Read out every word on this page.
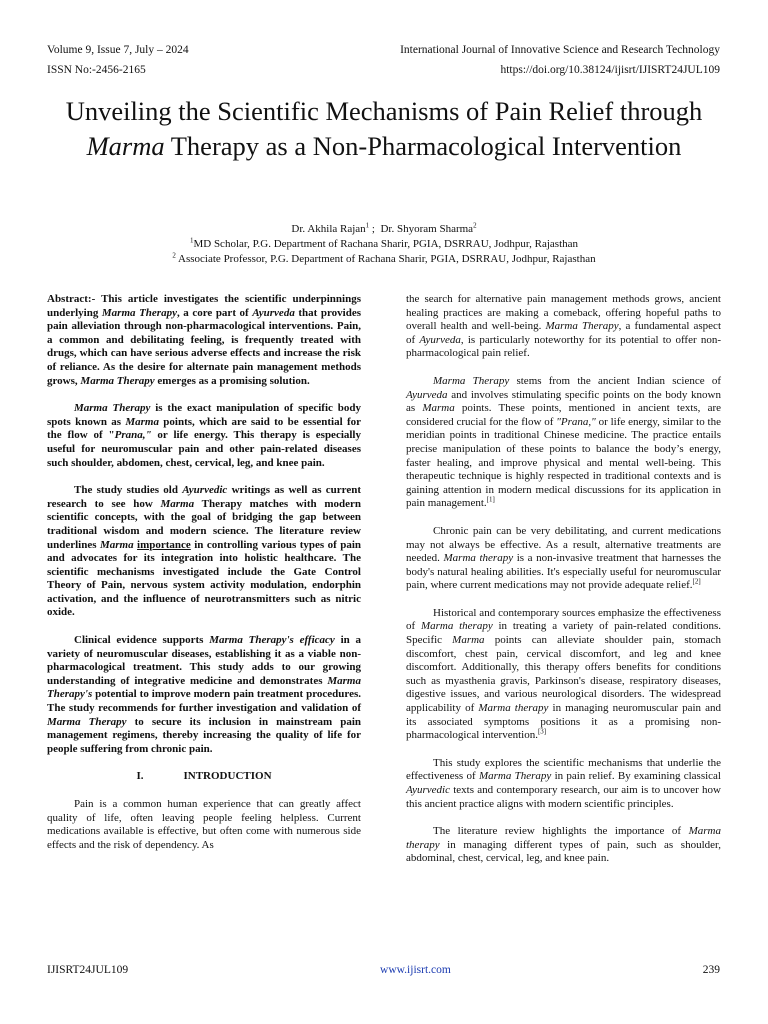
Volume 9, Issue 7, July – 2024	International Journal of Innovative Science and Research Technology
ISSN No:-2456-2165	https://doi.org/10.38124/ijisrt/IJISRT24JUL109
Unveiling the Scientific Mechanisms of Pain Relief through Marma Therapy as a Non-Pharmacological Intervention
Dr. Akhila Rajan$^1$ ;  Dr. Shyoram Sharma$^2$
$^1$MD Scholar, P.G. Department of Rachana Sharir, PGIA, DSRRAU, Jodhpur, Rajasthan
$^2$ Associate Professor, P.G. Department of Rachana Sharir, PGIA, DSRRAU, Jodhpur, Rajasthan

Abstract:- This article investigates the scientific underpinnings underlying Marma Therapy, a core part of Ayurveda that provides pain alleviation through non-pharmacological interventions. Pain, a common and debilitating feeling, is frequently treated with drugs, which can have serious adverse effects and increase the risk of reliance. As the desire for alternate pain management methods grows, Marma Therapy emerges as a promising solution.

Marma Therapy is the exact manipulation of specific body spots known as Marma points, which are said to be essential for the flow of "Prana," or life energy. This therapy is especially useful for neuromuscular pain and other pain-related diseases such shoulder, abdomen, chest, cervical, leg, and knee pain.

The study studies old Ayurvedic writings as well as current research to see how Marma Therapy matches with modern scientific concepts, with the goal of bridging the gap between traditional wisdom and modern science. The literature review underlines Marma importance in controlling various types of pain and advocates for its integration into holistic healthcare. The scientific mechanisms investigated include the Gate Control Theory of Pain, nervous system activity modulation, endorphin activation, and the influence of neurotransmitters such as nitric oxide.

Clinical evidence supports Marma Therapy's efficacy in a variety of neuromuscular diseases, establishing it as a viable non-pharmacological treatment. This study adds to our growing understanding of integrative medicine and demonstrates Marma Therapy's potential to improve modern pain treatment procedures. The study recommends for further investigation and validation of Marma Therapy to secure its inclusion in mainstream pain management regimens, thereby increasing the quality of life for people suffering from chronic pain.

I.	INTRODUCTION

Pain is a common human experience that can greatly affect quality of life, often leaving people feeling helpless. Current medications available is effective, but often come with numerous side effects and the risk of dependency. As

the search for alternative pain management methods grows, ancient healing practices are making a comeback, offering hopeful paths to overall health and well-being. Marma Therapy, a fundamental aspect of Ayurveda, is particularly noteworthy for its potential to offer non-pharmacological pain relief.

Marma Therapy stems from the ancient Indian science of Ayurveda and involves stimulating specific points on the body known as Marma points. These points, mentioned in ancient texts, are considered crucial for the flow of "Prana," or life energy, similar to the meridian points in traditional Chinese medicine. The practice entails precise manipulation of these points to balance the body’s energy, faster healing, and improve physical and mental well-being. This therapeutic technique is highly respected in traditional contexts and is gaining attention in modern medical discussions for its application in pain management.[1]

Chronic pain can be very debilitating, and current medications may not always be effective. As a result, alternative treatments are needed. Marma therapy is a non-invasive treatment that harnesses the body's natural healing abilities. It's especially useful for neuromuscular pain, where current medications may not provide adequate relief.[2]

Historical and contemporary sources emphasize the effectiveness of Marma therapy in treating a variety of pain-related conditions. Specific Marma points can alleviate shoulder pain, stomach discomfort, chest pain, cervical discomfort, and leg and knee discomfort. Additionally, this therapy offers benefits for conditions such as myasthenia gravis, Parkinson's disease, respiratory diseases, digestive issues, and various neurological disorders. The widespread applicability of Marma therapy in managing neuromuscular pain and its associated symptoms positions it as a promising non-pharmacological intervention.[3]

This study explores the scientific mechanisms that underlie the effectiveness of Marma Therapy in pain relief. By examining classical Ayurvedic texts and contemporary research, our aim is to uncover how this ancient practice aligns with modern scientific principles.

The literature review highlights the importance of Marma therapy in managing different types of pain, such as shoulder, abdominal, chest, cervical, leg, and knee pain.

IJISRT24JUL109	www.ijisrt.com	239
